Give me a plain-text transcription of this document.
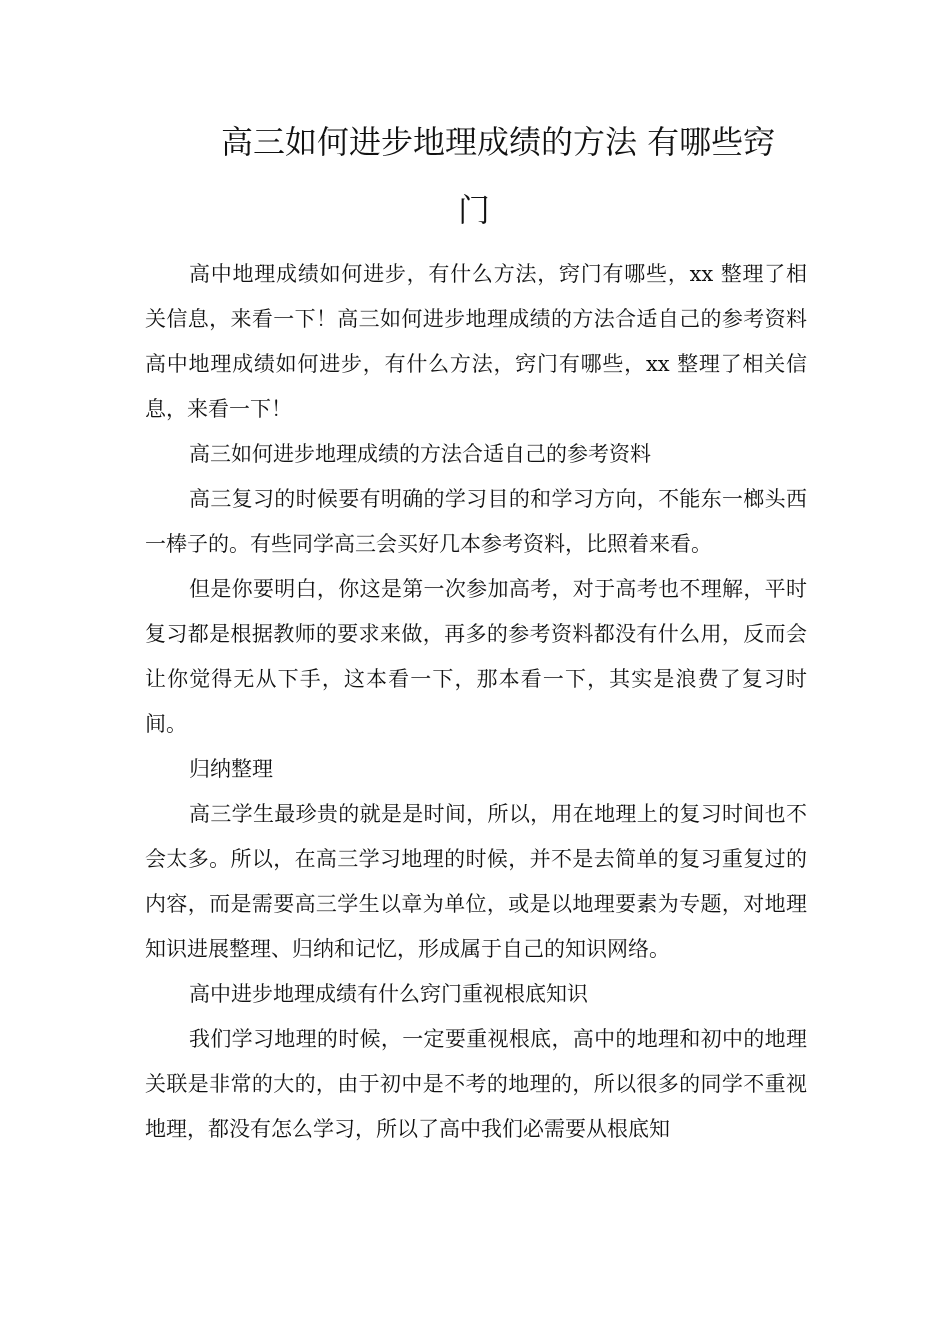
高三如何进步地理成绩的方法 有哪些窍
门

高中地理成绩如何进步，有什么方法，窍门有哪些，xx 整理了相关信息，来看一下！高三如何进步地理成绩的方法合适自己的参考资料高中地理成绩如何进步，有什么方法，窍门有哪些，xx 整理了相关信息，来看一下！

高三如何进步地理成绩的方法合适自己的参考资料

高三复习的时候要有明确的学习目的和学习方向，不能东一榔头西一棒子的。有些同学高三会买好几本参考资料，比照着来看。

但是你要明白，你这是第一次参加高考，对于高考也不理解，平时复习都是根据教师的要求来做，再多的参考资料都没有什么用，反而会让你觉得无从下手，这本看一下，那本看一下，其实是浪费了复习时间。

归纳整理

高三学生最珍贵的就是是时间，所以，用在地理上的复习时间也不会太多。所以，在高三学习地理的时候，并不是去简单的复习重复过的内容，而是需要高三学生以章为单位，或是以地理要素为专题，对地理知识进展整理、归纳和记忆，形成属于自己的知识网络。

高中进步地理成绩有什么窍门重视根底知识

我们学习地理的时候，一定要重视根底，高中的地理和初中的地理关联是非常的大的，由于初中是不考的地理的，所以很多的同学不重视地理，都没有怎么学习，所以了高中我们必需要从根底知
